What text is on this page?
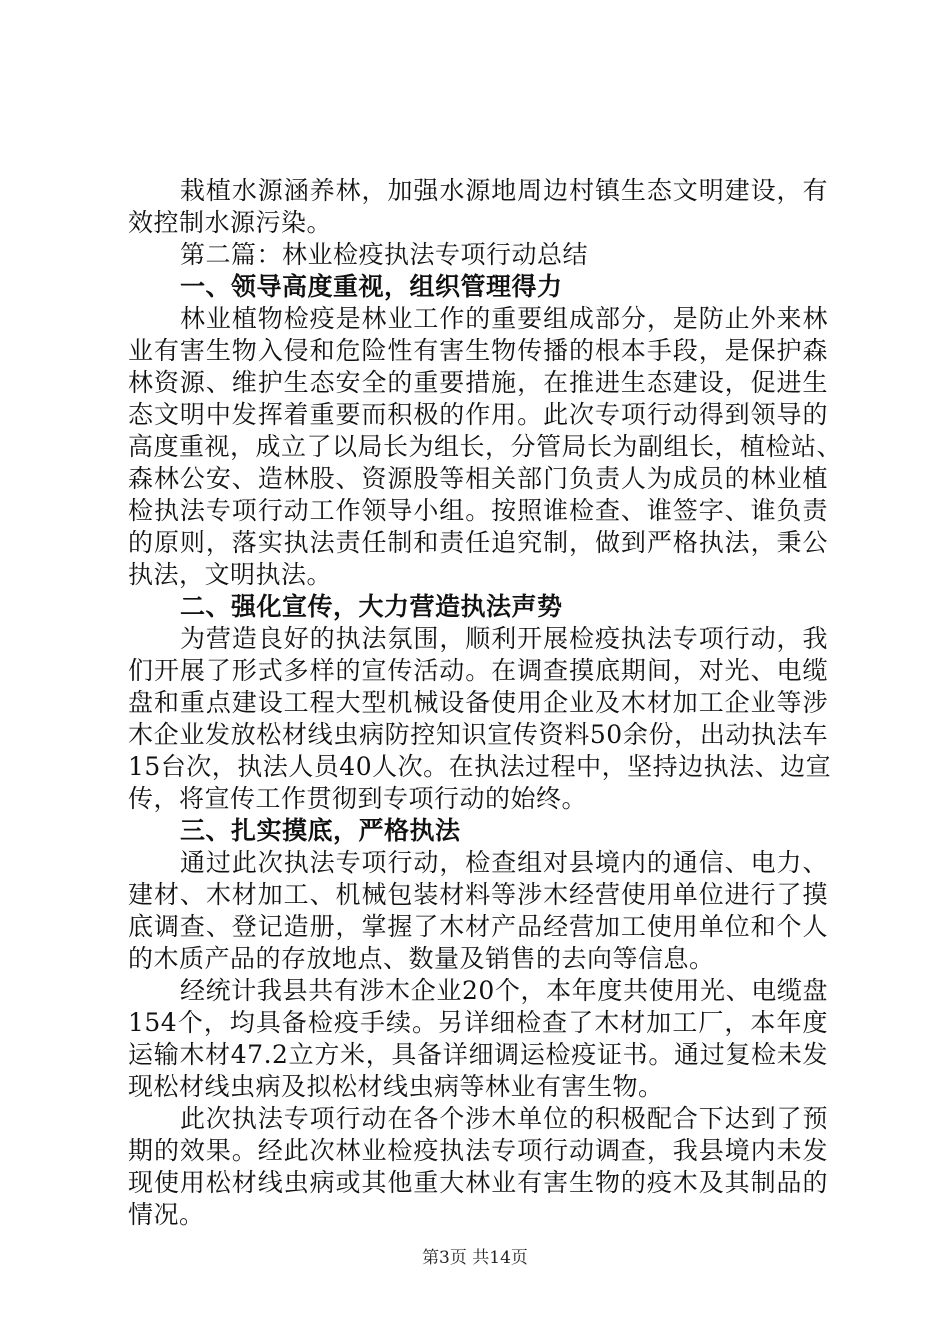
栽植水源涵养林，加强水源地周边村镇生态文明建设，有
效控制水源污染。
第二篇：林业检疫执法专项行动总结
一、领导高度重视，组织管理得力
林业植物检疫是林业工作的重要组成部分，是防止外来林
业有害生物入侵和危险性有害生物传播的根本手段，是保护森
林资源、维护生态安全的重要措施，在推进生态建设，促进生
态文明中发挥着重要而积极的作用。此次专项行动得到领导的
高度重视，成立了以局长为组长，分管局长为副组长，植检站、
森林公安、造林股、资源股等相关部门负责人为成员的林业植
检执法专项行动工作领导小组。按照谁检查、谁签字、谁负责
的原则，落实执法责任制和责任追究制，做到严格执法，秉公
执法，文明执法。
二、强化宣传，大力营造执法声势
为营造良好的执法氛围，顺利开展检疫执法专项行动，我
们开展了形式多样的宣传活动。在调查摸底期间，对光、电缆
盘和重点建设工程大型机械设备使用企业及木材加工企业等涉
木企业发放松材线虫病防控知识宣传资料50余份，出动执法车
15台次，执法人员40人次。在执法过程中，坚持边执法、边宣
传，将宣传工作贯彻到专项行动的始终。
三、扎实摸底，严格执法
通过此次执法专项行动，检查组对县境内的通信、电力、
建材、木材加工、机械包装材料等涉木经营使用单位进行了摸
底调查、登记造册，掌握了木材产品经营加工使用单位和个人
的木质产品的存放地点、数量及销售的去向等信息。
经统计我县共有涉木企业20个，本年度共使用光、电缆盘
154个，均具备检疫手续。另详细检查了木材加工厂，本年度
运输木材47.2立方米，具备详细调运检疫证书。通过复检未发
现松材线虫病及拟松材线虫病等林业有害生物。
此次执法专项行动在各个涉木单位的积极配合下达到了预
期的效果。经此次林业检疫执法专项行动调查，我县境内未发
现使用松材线虫病或其他重大林业有害生物的疫木及其制品的
情况。
第3页 共14页
